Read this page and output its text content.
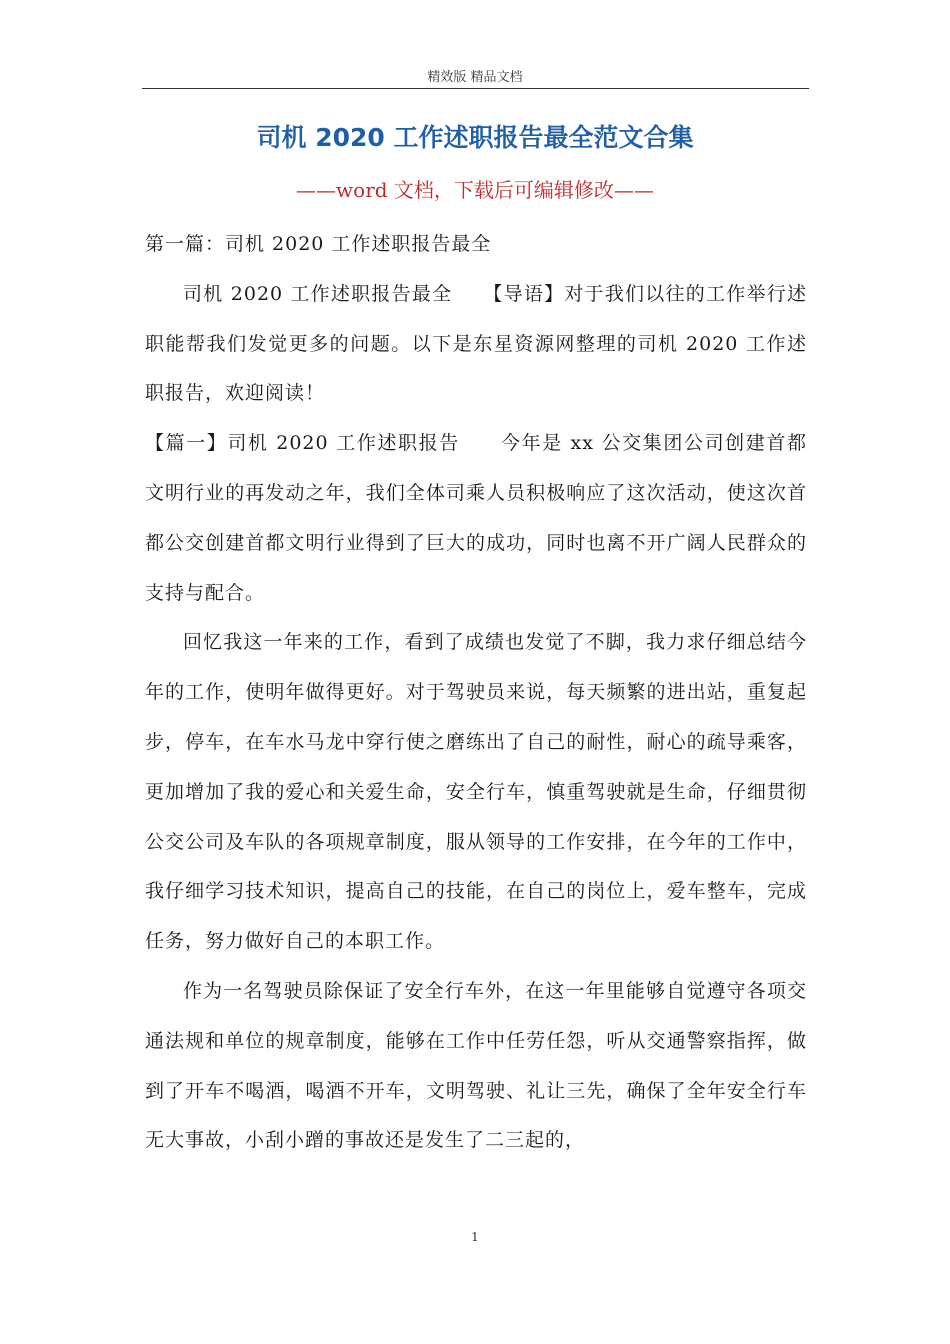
精效版 精品文档
司机 2020 工作述职报告最全范文合集
——word 文档，下载后可编辑修改——

第一篇：司机 2020 工作述职报告最全

司机 2020 工作述职报告最全　　【导语】对于我们以往的工作举行述职能帮我们发觉更多的问题。以下是东星资源网整理的司机 2020 工作述职报告，欢迎阅读！

【篇一】司机 2020 工作述职报告　　今年是 xx 公交集团公司创建首都文明行业的再发动之年，我们全体司乘人员积极响应了这次活动，使这次首都公交创建首都文明行业得到了巨大的成功，同时也离不开广阔人民群众的支持与配合。

回忆我这一年来的工作，看到了成绩也发觉了不脚，我力求仔细总结今年的工作，使明年做得更好。对于驾驶员来说，每天频繁的进出站，重复起步，停车，在车水马龙中穿行使之磨练出了自己的耐性，耐心的疏导乘客，更加增加了我的爱心和关爱生命，安全行车，慎重驾驶就是生命，仔细贯彻公交公司及车队的各项规章制度，服从领导的工作安排，在今年的工作中，我仔细学习技术知识，提高自己的技能，在自己的岗位上，爱车整车，完成任务，努力做好自己的本职工作。

作为一名驾驶员除保证了安全行车外，在这一年里能够自觉遵守各项交通法规和单位的规章制度，能够在工作中任劳任怨，听从交通警察指挥，做到了开车不喝酒，喝酒不开车，文明驾驶、礼让三先，确保了全年安全行车无大事故，小刮小蹭的事故还是发生了二三起的，

1
